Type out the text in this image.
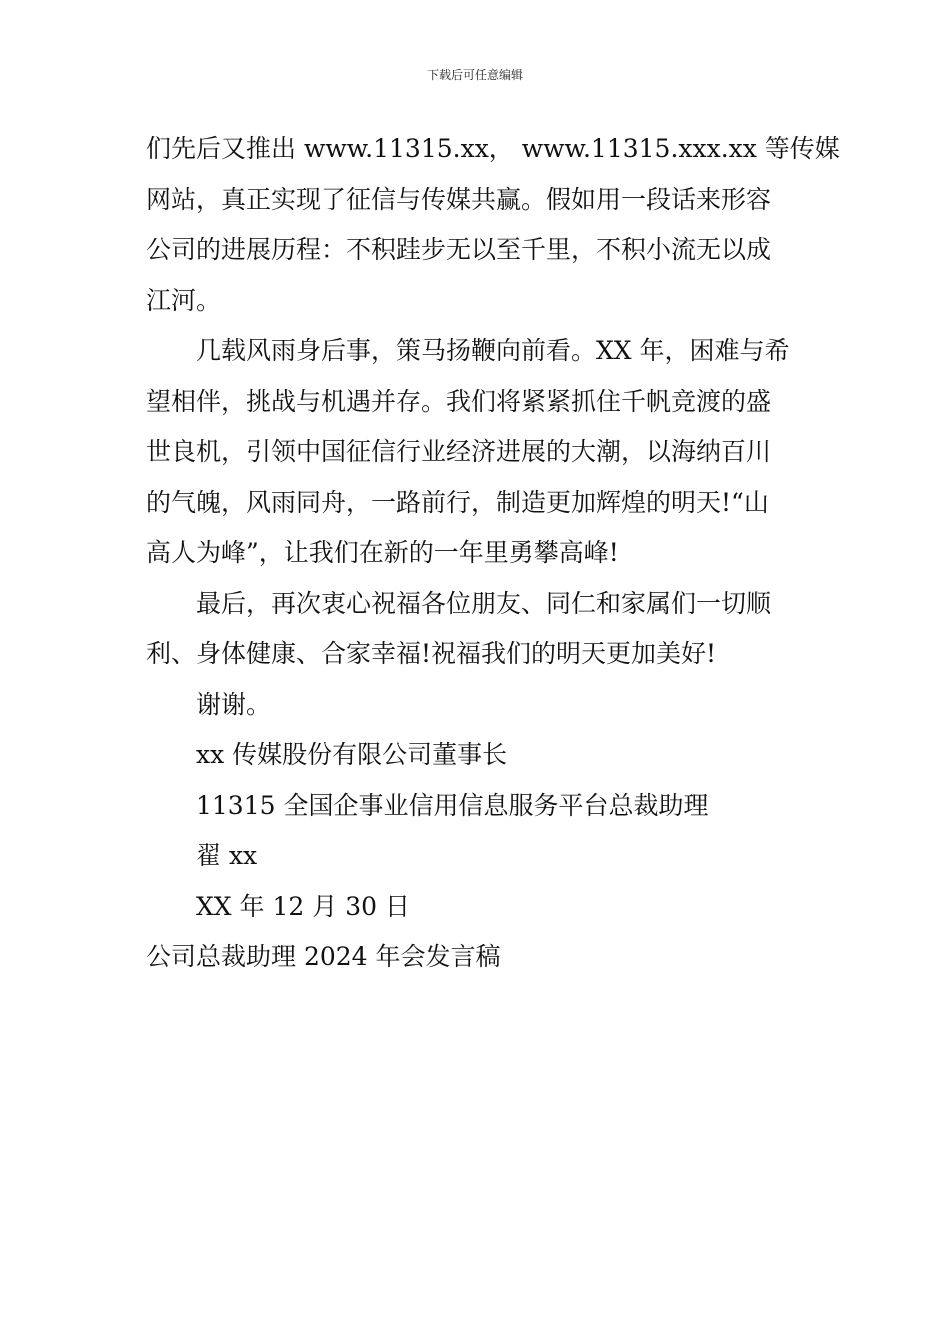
下载后可任意编辑
们先后又推出 www.11315.xx， www.11315.xxx.xx 等传媒
网站，真正实现了征信与传媒共赢。假如用一段话来形容
公司的进展历程：不积跬步无以至千里，不积小流无以成
江河。
几载风雨身后事，策马扬鞭向前看。XX 年，困难与希
望相伴，挑战与机遇并存。我们将紧紧抓住千帆竞渡的盛
世良机，引领中国征信行业经济进展的大潮，以海纳百川
的气魄，风雨同舟，一路前行，制造更加辉煌的明天!“山
高人为峰”，让我们在新的一年里勇攀高峰!
最后，再次衷心祝福各位朋友、同仁和家属们一切顺
利、身体健康、合家幸福!祝福我们的明天更加美好!
谢谢。
xx 传媒股份有限公司董事长
11315 全国企事业信用信息服务平台总裁助理
翟 xx
XX 年 12 月 30 日
公司总裁助理 2024 年会发言稿
